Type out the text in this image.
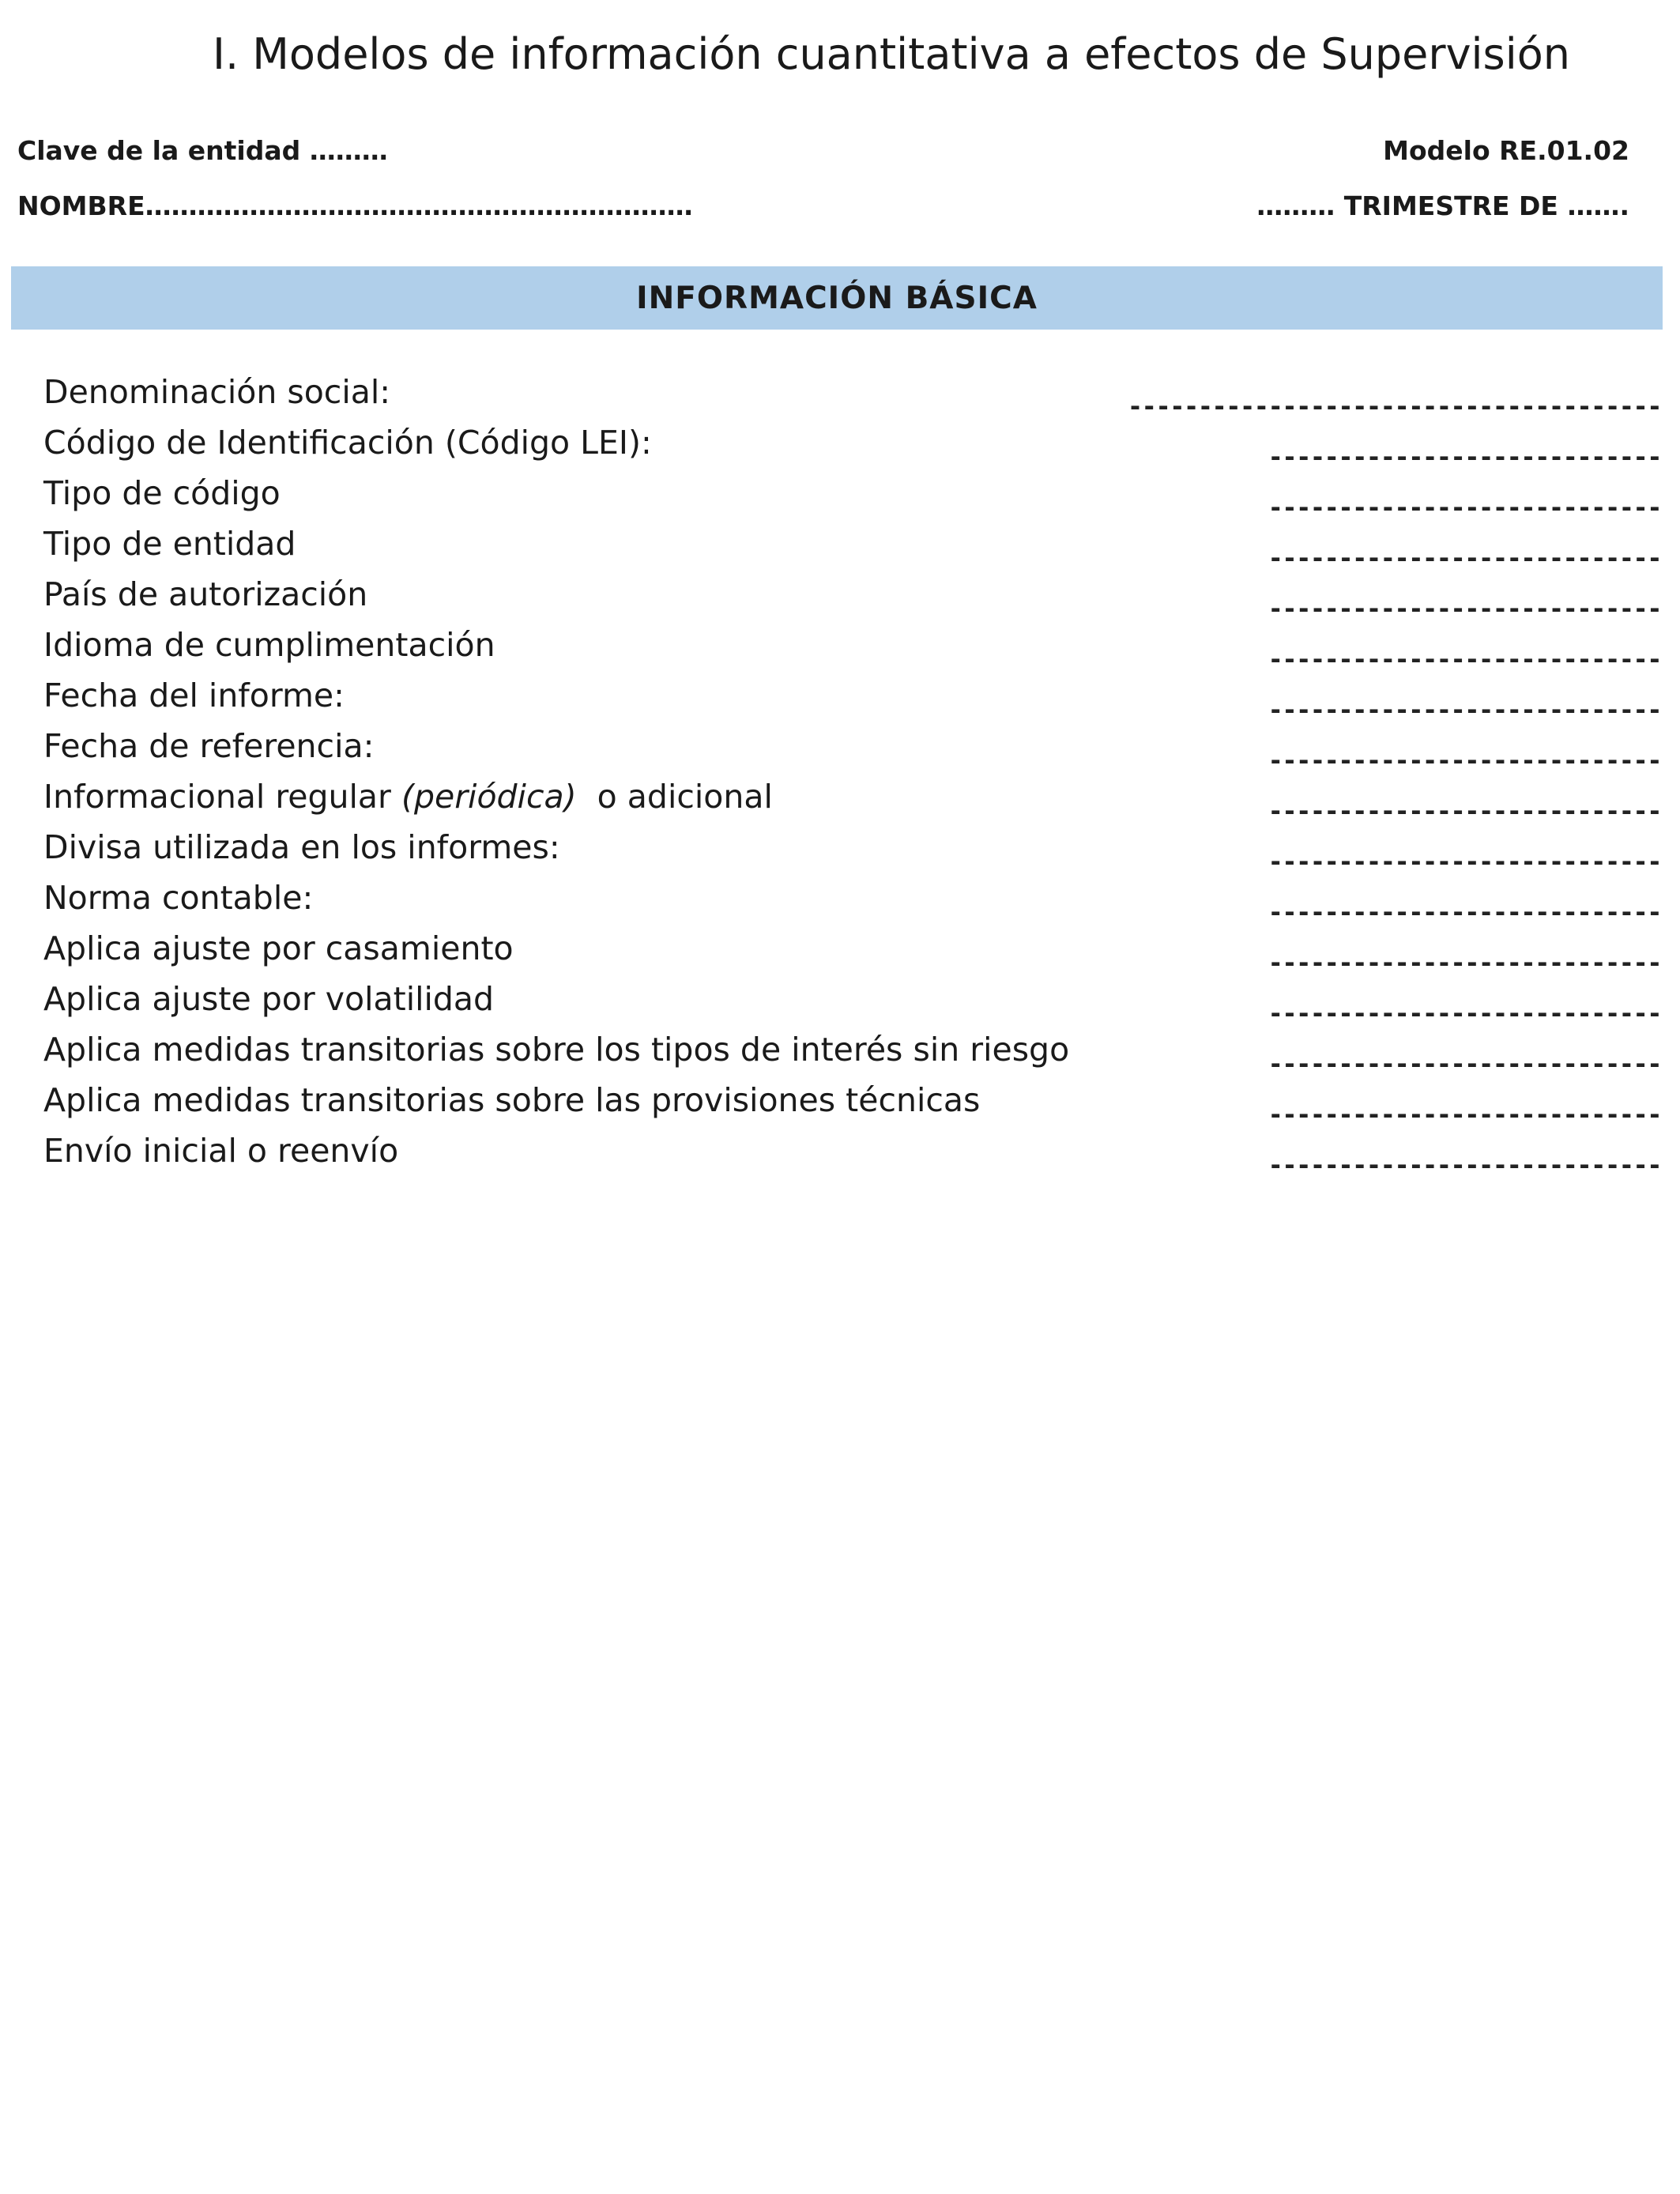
I. Modelos de información cuantitativa a efectos de Supervisión
Clave de la entidad ………	Modelo RE.01.02
NOMBRE………………………………………………………	……… TRIMESTRE DE …….
INFORMACIÓN BÁSICA
Denominación social:	--------------------------------------
Código de Identificación (Código LEI):	----------------------------
Tipo de código	----------------------------
Tipo de entidad	----------------------------
País de autorización	----------------------------
Idioma de cumplimentación	----------------------------
Fecha del informe:	----------------------------
Fecha de referencia:	----------------------------
Informacional regular (periódica)  o adicional	----------------------------
Divisa utilizada en los informes:	----------------------------
Norma contable:	----------------------------
Aplica ajuste por casamiento	----------------------------
Aplica ajuste por volatilidad	----------------------------
Aplica medidas transitorias sobre los tipos de interés sin riesgo	----------------------------
Aplica medidas transitorias sobre las provisiones técnicas	----------------------------
Envío inicial o reenvío	----------------------------
